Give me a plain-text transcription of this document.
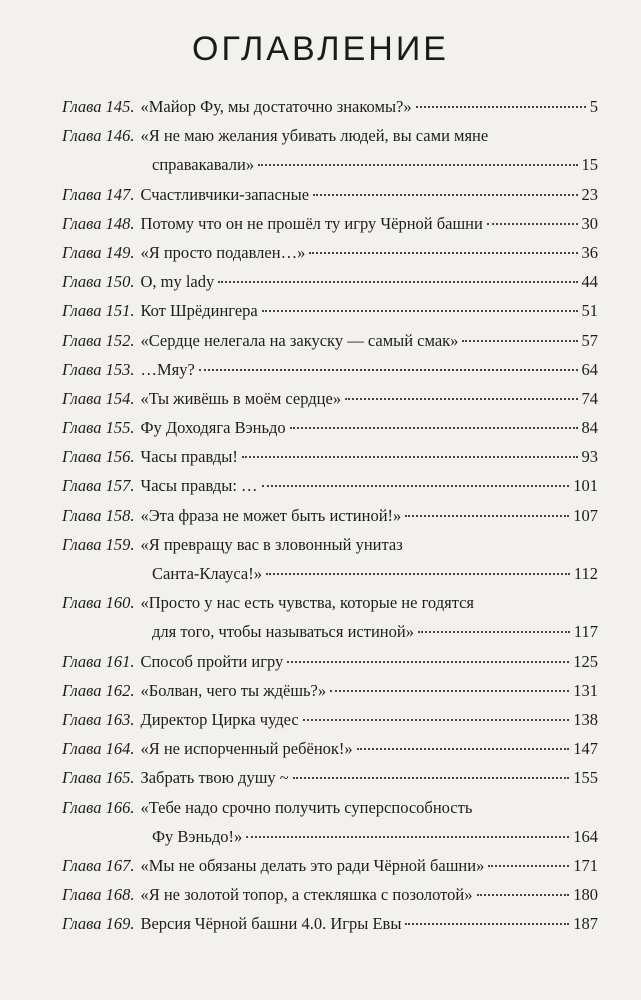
ОГЛАВЛЕНИЕ
Глава 145. «Майор Фу, мы достаточно знакомы?»	5
Глава 146. «Я не маю желания убивать людей, вы сами мяне
справакавали»	15
Глава 147. Счастливчики-запасные	23
Глава 148. Потому что он не прошёл ту игру Чёрной башни	30
Глава 149. «Я просто подавлен…»	36
Глава 150. О, my lady	44
Глава 151. Кот Шрёдингера	51
Глава 152. «Сердце нелегала на закуску — самый смак»	57
Глава 153. …Мяу?	64
Глава 154. «Ты живёшь в моём сердце»	74
Глава 155. Фу Доходяга Вэньдо	84
Глава 156. Часы правды!	93
Глава 157. Часы правды: …	101
Глава 158. «Эта фраза не может быть истиной!»	107
Глава 159. «Я превращу вас в зловонный унитаз
Санта-Клауса!»	112
Глава 160. «Просто у нас есть чувства, которые не годятся
для того, чтобы называться истиной»	117
Глава 161. Способ пройти игру	125
Глава 162. «Болван, чего ты ждёшь?»	131
Глава 163. Директор Цирка чудес	138
Глава 164. «Я не испорченный ребёнок!»	147
Глава 165. Забрать твою душу ~	155
Глава 166. «Тебе надо срочно получить суперспособность
Фу Вэньдо!»	164
Глава 167. «Мы не обязаны делать это ради Чёрной башни»	171
Глава 168. «Я не золотой топор, а стекляшка с позолотой»	180
Глава 169. Версия Чёрной башни 4.0. Игры Евы	187
